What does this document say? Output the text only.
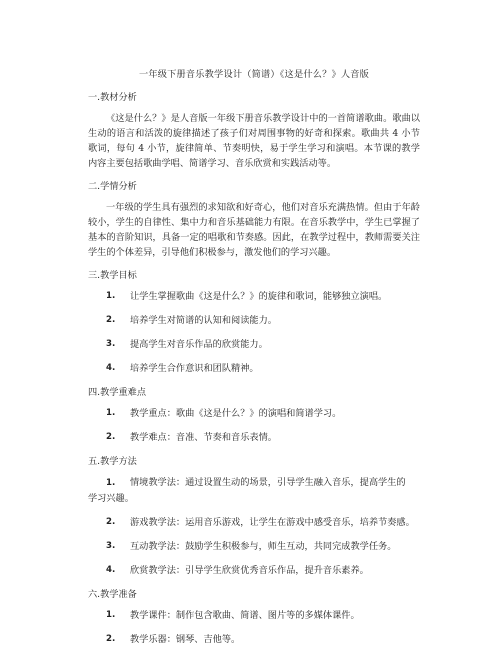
一年级下册音乐教学设计（简谱）《这是什么？》人音版
一.教材分析

《这是什么？》是人音版一年级下册音乐教学设计中的一首简谱歌曲。歌曲以生动的语言和活泼的旋律描述了孩子们对周围事物的好奇和探索。歌曲共 4 小节歌词，每句 4 小节，旋律简单、节奏明快，易于学生学习和演唱。本节课的教学内容主要包括歌曲学唱、简谱学习、音乐欣赏和实践活动等。

二.学情分析

一年级的学生具有强烈的求知欲和好奇心，他们对音乐充满热情。但由于年龄较小，学生的自律性、集中力和音乐基础能力有限。在音乐教学中，学生已掌握了基本的音阶知识，具备一定的唱歌和节奏感。因此，在教学过程中，教师需要关注学生的个体差异，引导他们积极参与，激发他们的学习兴趣。

三.教学目标
1.	让学生掌握歌曲《这是什么？》的旋律和歌词，能够独立演唱。
2.	培养学生对简谱的认知和阅读能力。
3.	提高学生对音乐作品的欣赏能力。
4.	培养学生合作意识和团队精神。
四.教学重难点
1.	教学重点：歌曲《这是什么？》的演唱和简谱学习。
2.	教学难点：音准、节奏和音乐表情。
五.教学方法
1. 情境教学法：通过设置生动的场景，引导学生融入音乐，提高学生的
学习兴趣。
2.	游戏教学法：运用音乐游戏，让学生在游戏中感受音乐，培养节奏感。
3.	互动教学法：鼓励学生积极参与，师生互动，共同完成教学任务。
4.	欣赏教学法：引导学生欣赏优秀音乐作品，提升音乐素养。
六.教学准备
1.	教学课件：制作包含歌曲、简谱、图片等的多媒体课件。
2.	教学乐器：钢琴、吉他等。
